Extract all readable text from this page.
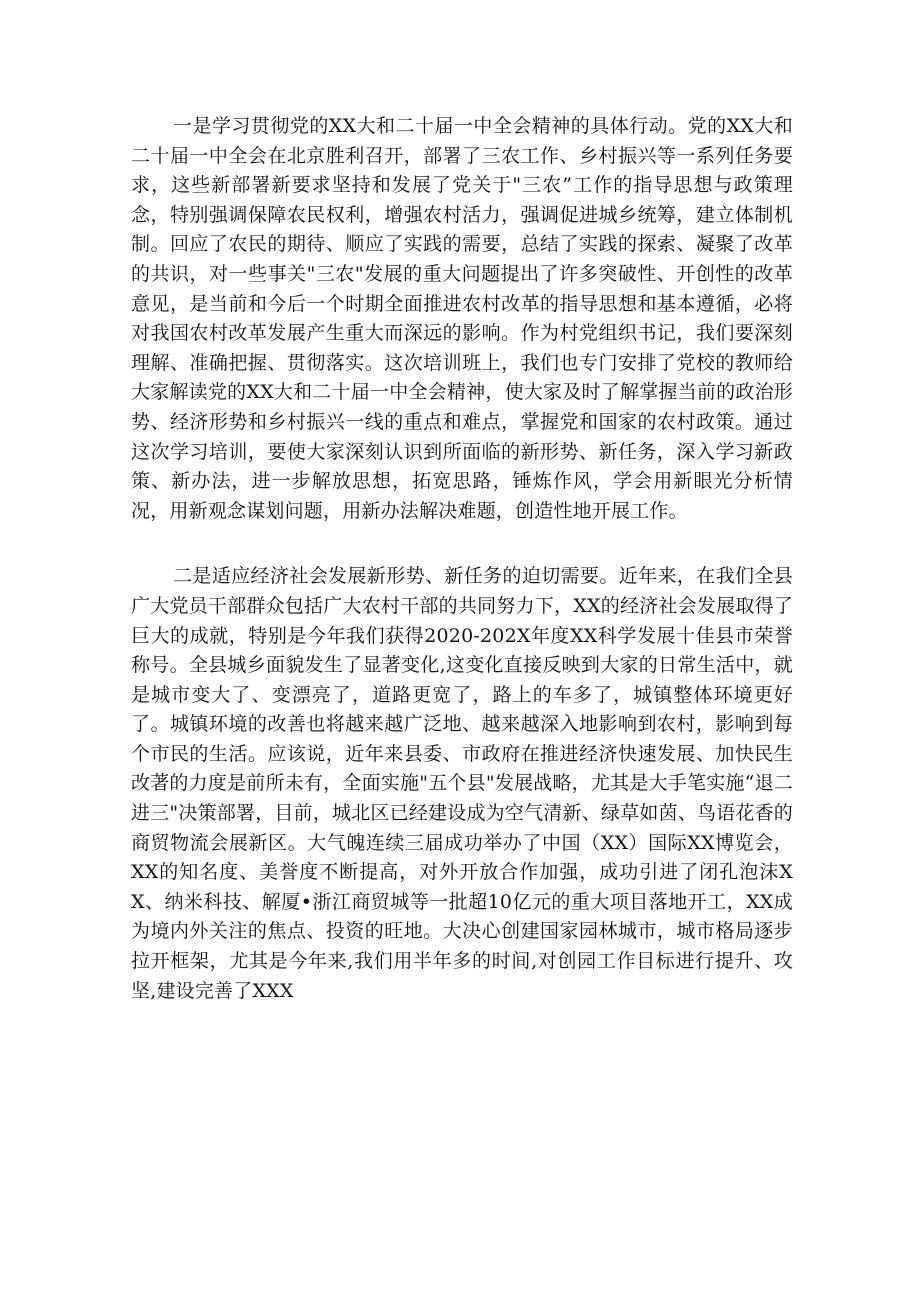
一是学习贯彻党的XX大和二十届一中全会精神的具体行动。党的XX大和二十届一中全会在北京胜利召开，部署了三农工作、乡村振兴等一系列任务要求，这些新部署新要求坚持和发展了党关于"三农”工作的指导思想与政策理念，特别强调保障农民权利，增强农村活力，强调促进城乡统筹，建立体制机制。回应了农民的期待、顺应了实践的需要，总结了实践的探索、凝聚了改革的共识，对一些事关"三农"发展的重大问题提出了许多突破性、开创性的改革意见，是当前和今后一个时期全面推进农村改革的指导思想和基本遵循，必将对我国农村改革发展产生重大而深远的影响。作为村党组织书记，我们要深刻理解、准确把握、贯彻落实。这次培训班上，我们也专门安排了党校的教师给大家解读党的XX大和二十届一中全会精神，使大家及时了解掌握当前的政治形势、经济形势和乡村振兴一线的重点和难点，掌握党和国家的农村政策。通过这次学习培训，要使大家深刻认识到所面临的新形势、新任务，深入学习新政策、新办法，进一步解放思想，拓宽思路，锤炼作风，学会用新眼光分析情况，用新观念谋划问题，用新办法解决难题，创造性地开展工作。

二是适应经济社会发展新形势、新任务的迫切需要。近年来，在我们全县广大党员干部群众包括广大农村干部的共同努力下，XX的经济社会发展取得了巨大的成就，特别是今年我们获得2020-202X年度XX科学发展十佳县市荣誉称号。全县城乡面貌发生了显著变化,这变化直接反映到大家的日常生活中，就是城市变大了、变漂亮了，道路更宽了，路上的车多了，城镇整体环境更好了。城镇环境的改善也将越来越广泛地、越来越深入地影响到农村，影响到每个市民的生活。应该说，近年来县委、市政府在推进经济快速发展、加快民生改著的力度是前所未有，全面实施"五个县"发展战略，尤其是大手笔实施“退二进三"决策部署，目前，城北区已经建设成为空气清新、绿草如茵、鸟语花香的商贸物流会展新区。大气魄连续三届成功举办了中国（XX）国际XX博览会，XX的知名度、美誉度不断提高，对外开放合作加强，成功引进了闭孔泡沫XX、纳米科技、解厦•浙江商贸城等一批超10亿元的重大项目落地开工，XX成为境内外关注的焦点、投资的旺地。大决心创建国家园林城市，城市格局逐步拉开框架，尤其是今年来,我们用半年多的时间,对创园工作目标进行提升、攻坚,建设完善了XXX
